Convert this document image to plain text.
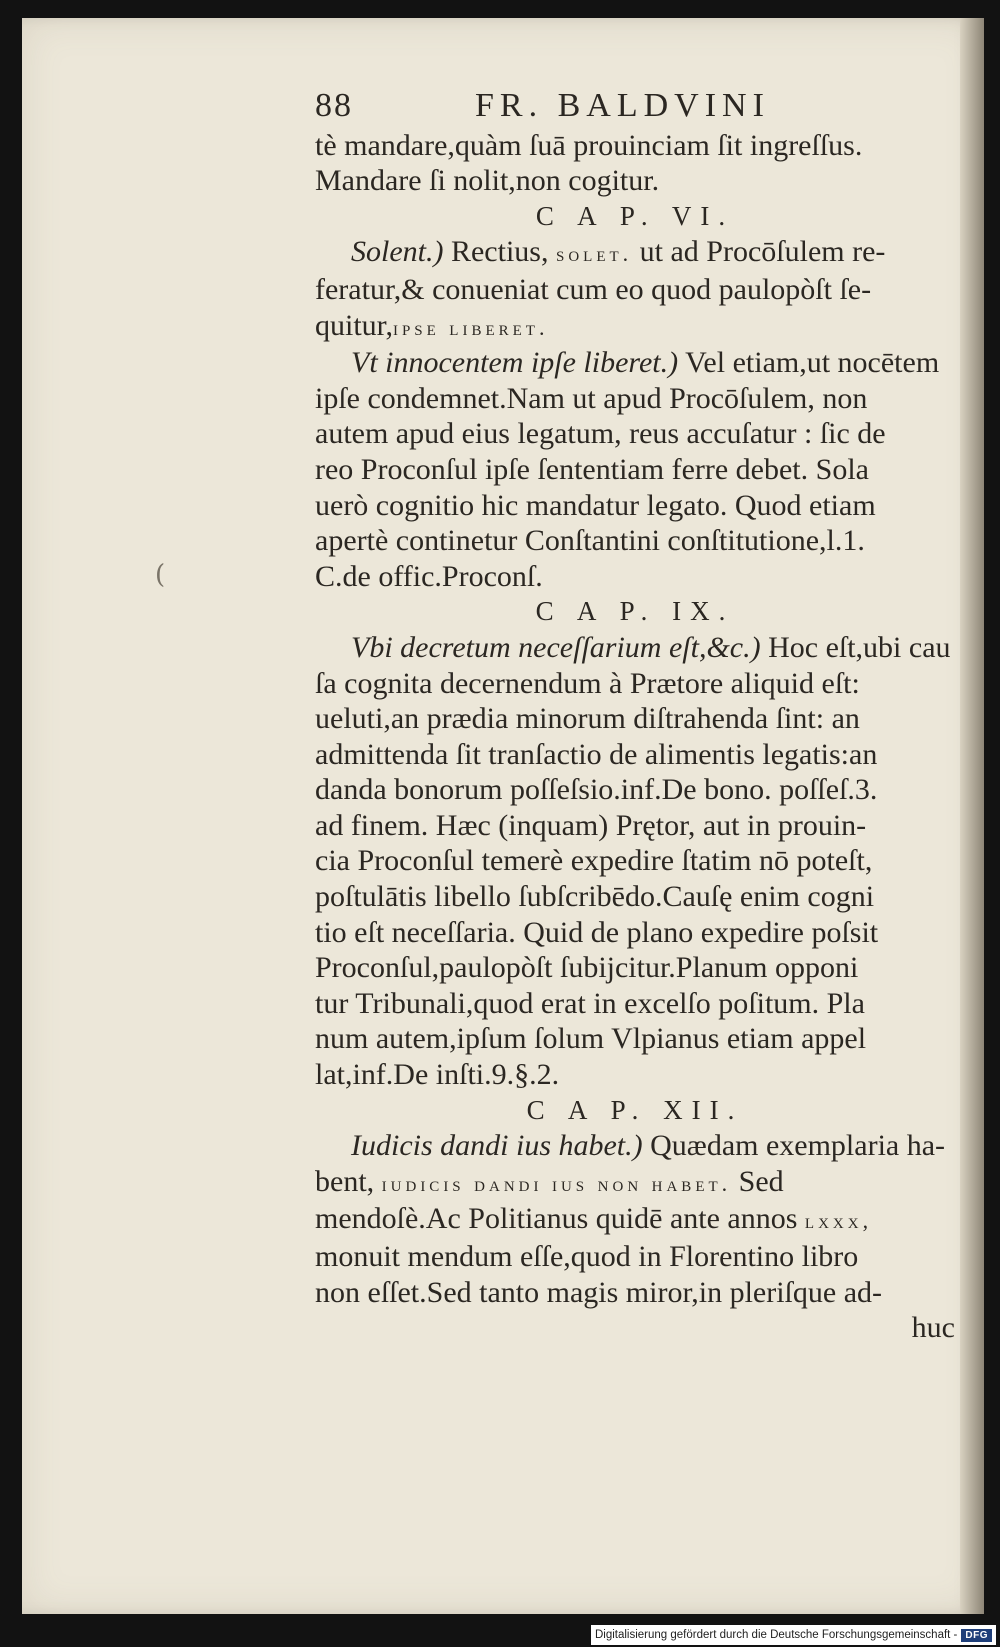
(
88	FR. BALDVINI
tè mandare,quàm ſuā prouinciam ſit ingreſſus.
Mandare ſi nolit,non cogitur.
C A P. VI.
Solent.) Rectius, solet. ut ad Procōſulem re-
feratur,& conueniat cum eo quod paulopòſt ſe-
quitur,ipse liberet.
Vt innocentem ipſe liberet.) Vel etiam,ut nocētem
ipſe condemnet.Nam ut apud Procōſulem, non
autem apud eius legatum, reus accuſatur : ſic de
reo Proconſul ipſe ſententiam ferre debet. Sola
uerò cognitio hic mandatur legato. Quod etiam
apertè continetur Conſtantini conſtitutione,l.1.
C.de offic.Proconſ.
C A P. IX.
Vbi decretum neceſſarium eſt,&c.) Hoc eſt,ubi cau
ſa cognita decernendum à Prætore aliquid eſt:
ueluti,an prædia minorum diſtrahenda ſint: an
admittenda ſit tranſactio de alimentis legatis:an
danda bonorum poſſeſsio.inf.De bono. poſſeſ.3.
ad finem. Hæc (inquam) Prętor, aut in prouin-
cia Proconſul temerè expedire ſtatim nō poteſt,
poſtulātis libello ſubſcribēdo.Cauſę enim cogni
tio eſt neceſſaria. Quid de plano expedire poſsit
Proconſul,paulopòſt ſubijcitur.Planum opponi
tur Tribunali,quod erat in excelſo poſitum. Pla
num autem,ipſum ſolum Vlpianus etiam appel
lat,inf.De inſti.9.§.2.
C A P. XII.
Iudicis dandi ius habet.) Quædam exemplaria ha-
bent, iudicis dandi ius non habet. Sed
mendoſè.Ac Politianus quidē ante annos lxxx,
monuit mendum eſſe,quod in Florentino libro
non eſſet.Sed tanto magis miror,in pleriſque ad-
huc
Digitalisierung gefördert durch die Deutsche Forschungsgemeinschaft - DFG
